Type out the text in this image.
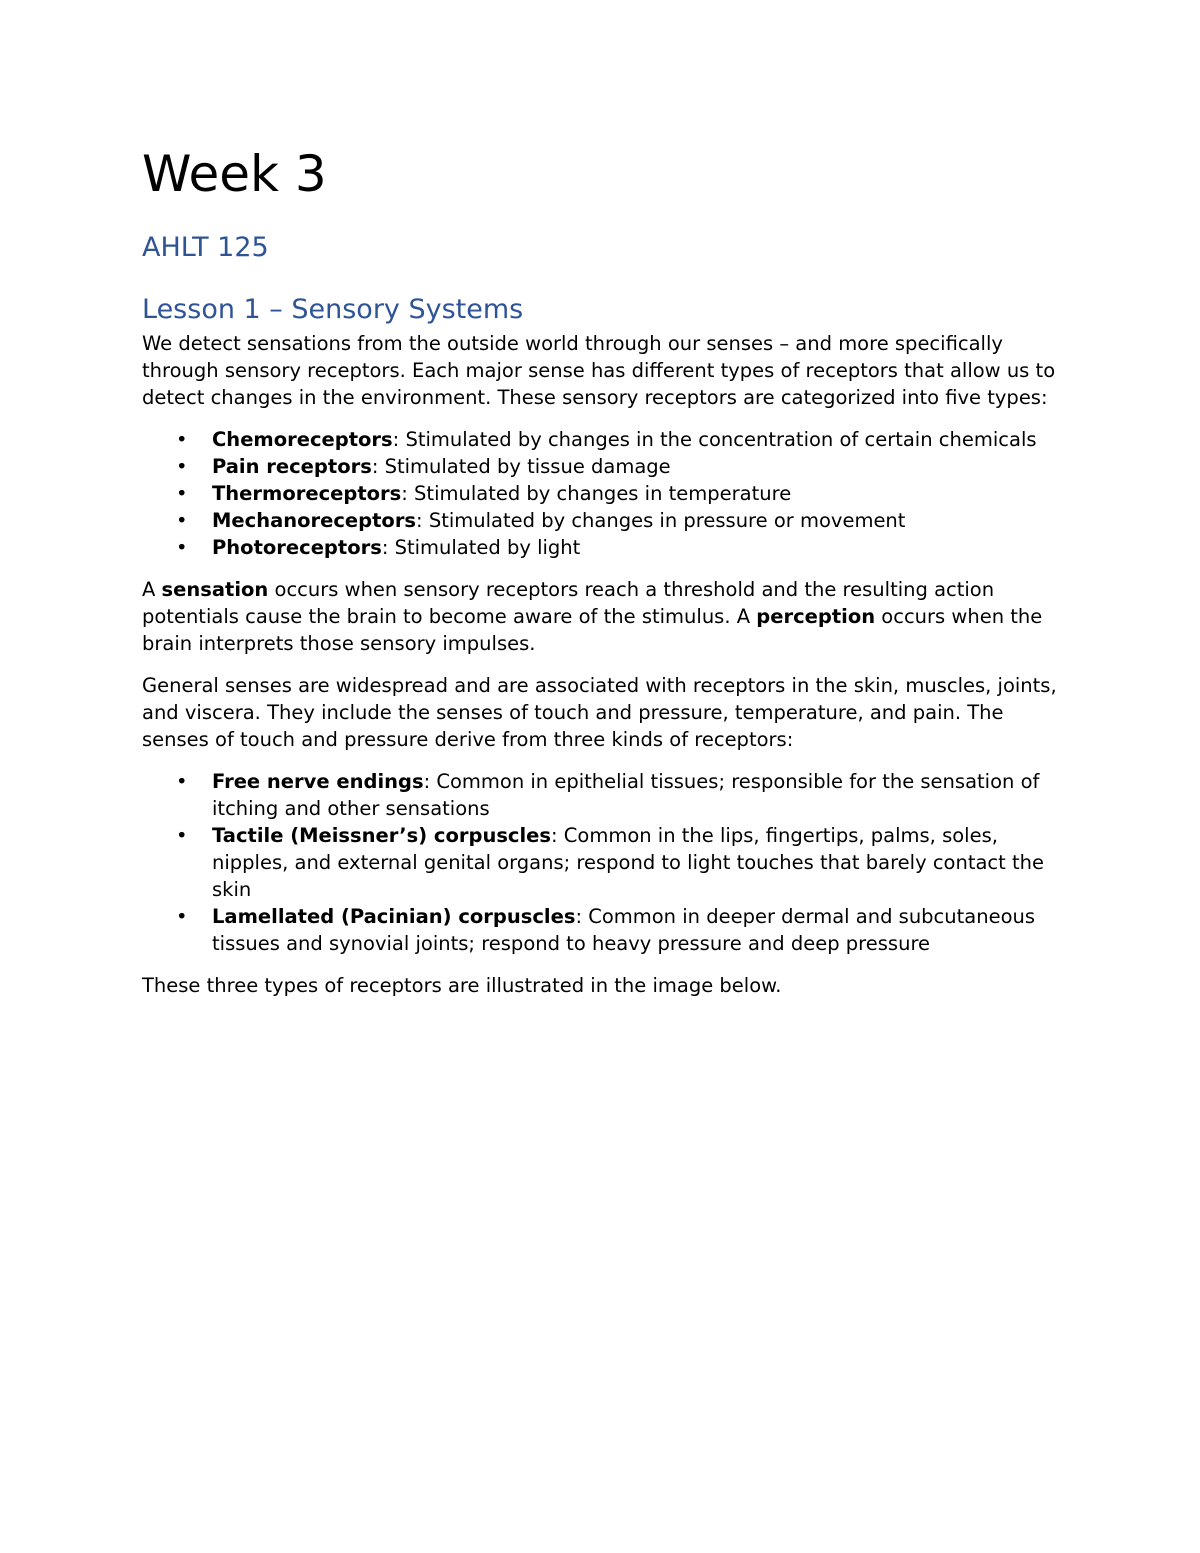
Week 3
AHLT 125
Lesson 1 – Sensory Systems

We detect sensations from the outside world through our senses – and more specifically through sensory receptors. Each major sense has different types of receptors that allow us to detect changes in the environment. These sensory receptors are categorized into five types:

• Chemoreceptors: Stimulated by changes in the concentration of certain chemicals
• Pain receptors: Stimulated by tissue damage
• Thermoreceptors: Stimulated by changes in temperature
• Mechanoreceptors: Stimulated by changes in pressure or movement
• Photoreceptors: Stimulated by light

A sensation occurs when sensory receptors reach a threshold and the resulting action potentials cause the brain to become aware of the stimulus. A perception occurs when the brain interprets those sensory impulses.

General senses are widespread and are associated with receptors in the skin, muscles, joints, and viscera. They include the senses of touch and pressure, temperature, and pain. The senses of touch and pressure derive from three kinds of receptors:

• Free nerve endings: Common in epithelial tissues; responsible for the sensation of itching and other sensations
• Tactile (Meissner’s) corpuscles: Common in the lips, fingertips, palms, soles, nipples, and external genital organs; respond to light touches that barely contact the skin
• Lamellated (Pacinian) corpuscles: Common in deeper dermal and subcutaneous tissues and synovial joints; respond to heavy pressure and deep pressure

These three types of receptors are illustrated in the image below.
